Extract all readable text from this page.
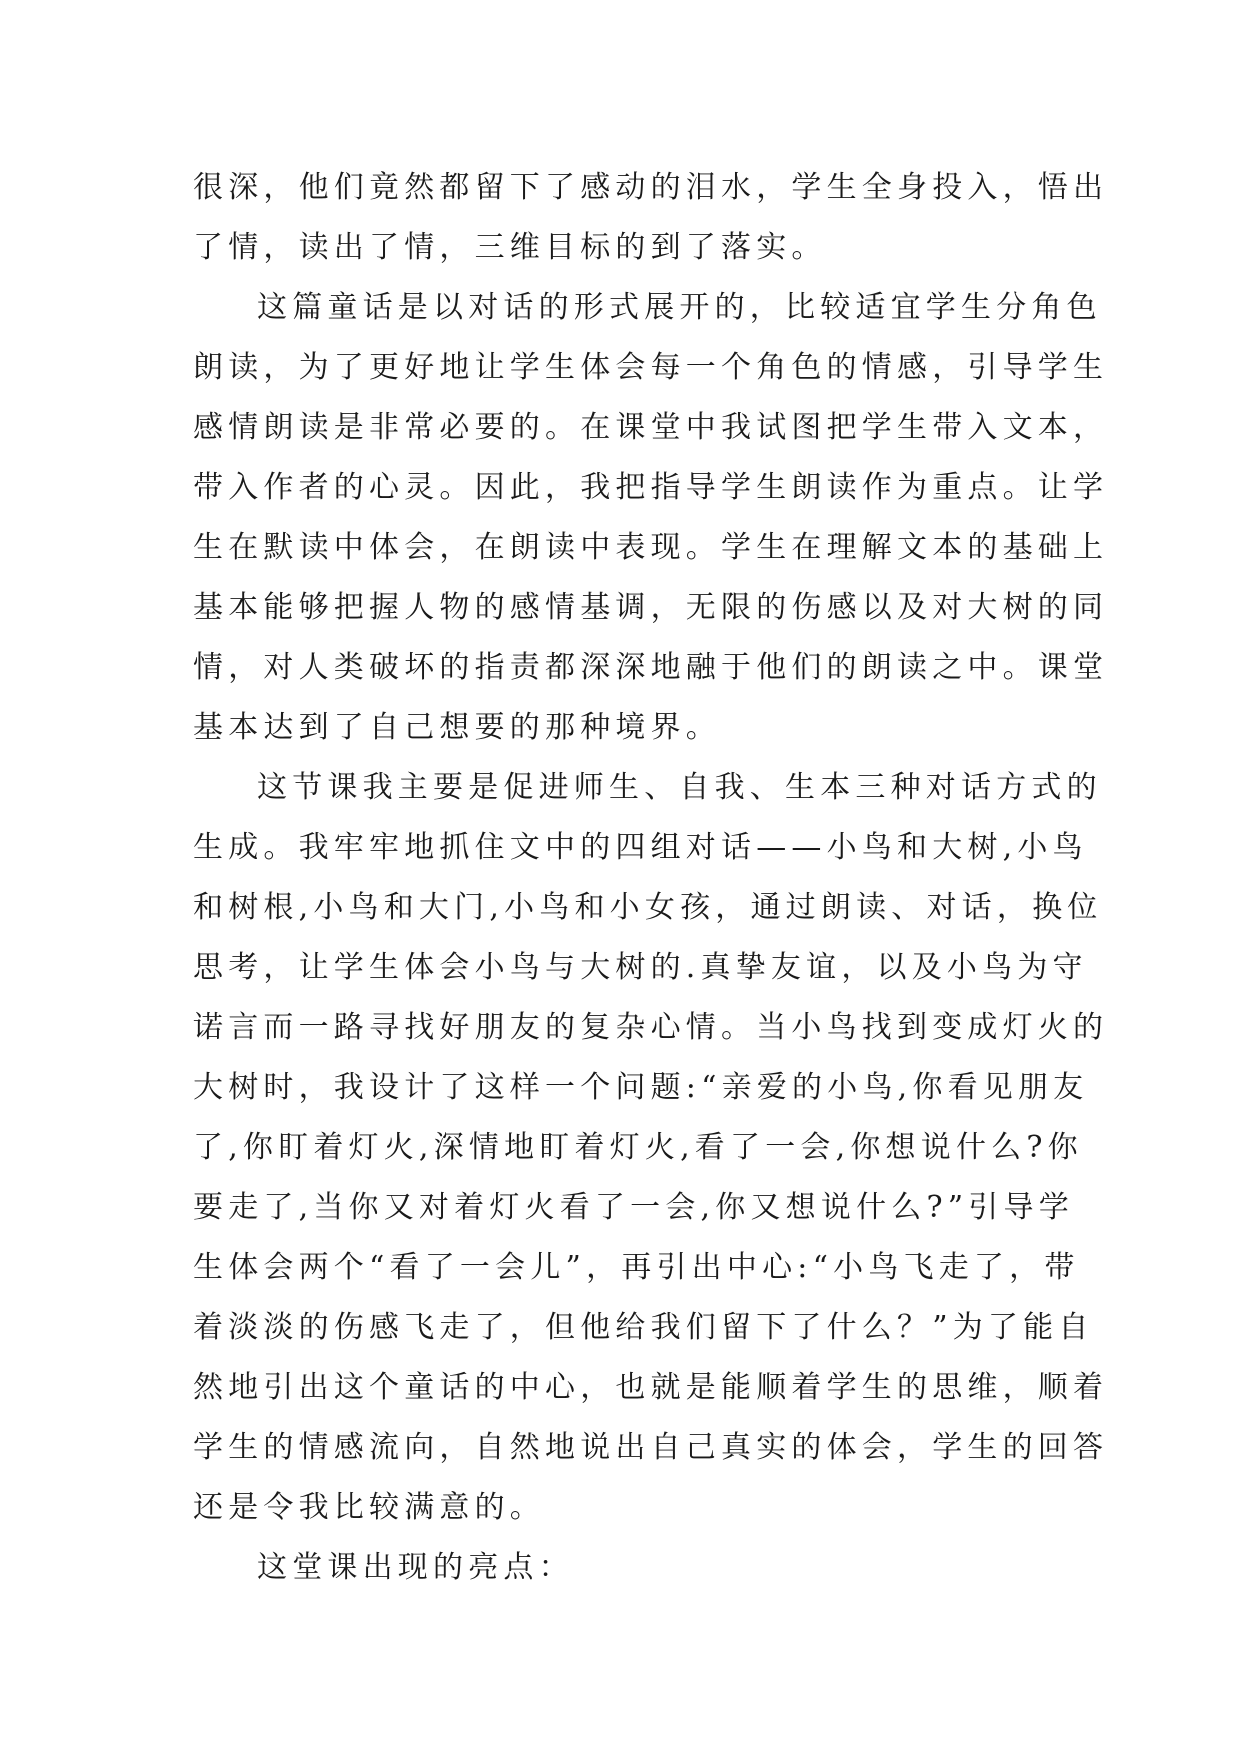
很深，他们竟然都留下了感动的泪水，学生全身投入，悟出
了情，读出了情，三维目标的到了落实。
这篇童话是以对话的形式展开的，比较适宜学生分角色
朗读，为了更好地让学生体会每一个角色的情感，引导学生
感情朗读是非常必要的。在课堂中我试图把学生带入文本，
带入作者的心灵。因此，我把指导学生朗读作为重点。让学
生在默读中体会，在朗读中表现。学生在理解文本的基础上
基本能够把握人物的感情基调，无限的伤感以及对大树的同
情，对人类破坏的指责都深深地融于他们的朗读之中。课堂
基本达到了自己想要的那种境界。
这节课我主要是促进师生、自我、生本三种对话方式的
生成。我牢牢地抓住文中的四组对话——小鸟和大树,小鸟
和树根,小鸟和大门,小鸟和小女孩，通过朗读、对话，换位
思考，让学生体会小鸟与大树的.真挚友谊，以及小鸟为守
诺言而一路寻找好朋友的复杂心情。当小鸟找到变成灯火的
大树时，我设计了这样一个问题:“亲爱的小鸟,你看见朋友
了,你盯着灯火,深情地盯着灯火,看了一会,你想说什么?你
要走了,当你又对着灯火看了一会,你又想说什么?”引导学
生体会两个“看了一会儿”，再引出中心:“小鸟飞走了，带
着淡淡的伤感飞走了，但他给我们留下了什么？”为了能自
然地引出这个童话的中心，也就是能顺着学生的思维，顺着
学生的情感流向，自然地说出自己真实的体会，学生的回答
还是令我比较满意的。
这堂课出现的亮点：
